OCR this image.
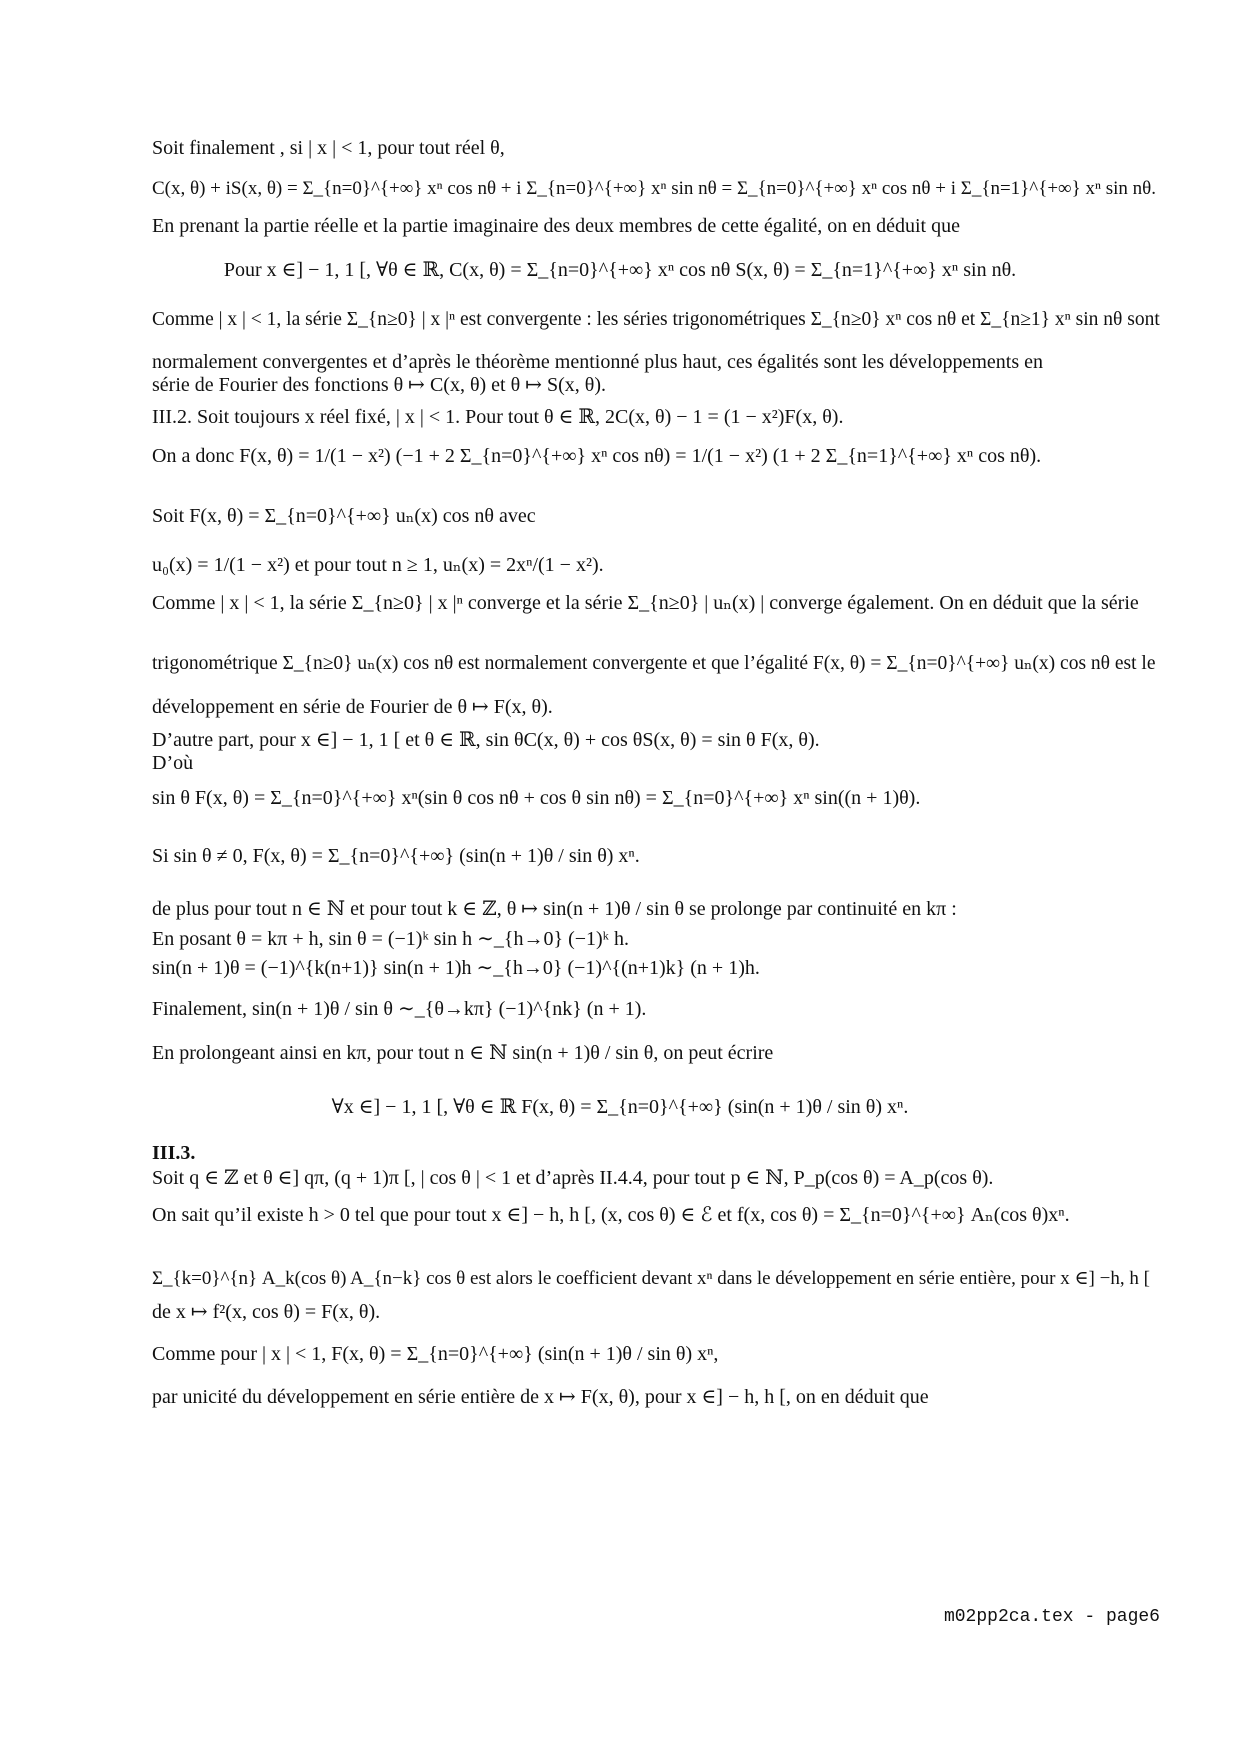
Soit finalement , si | x | < 1, pour tout réel θ,
C(x, θ) + iS(x, θ) = Σ_{n=0}^{+∞} xⁿ cos nθ + i Σ_{n=0}^{+∞} xⁿ sin nθ = Σ_{n=0}^{+∞} xⁿ cos nθ + i Σ_{n=1}^{+∞} xⁿ sin nθ.
En prenant la partie réelle et la partie imaginaire des deux membres de cette égalité, on en déduit que
Pour x ∈] − 1, 1 [, ∀θ ∈ ℝ, C(x, θ) = Σ_{n=0}^{+∞} xⁿ cos nθ S(x, θ) = Σ_{n=1}^{+∞} xⁿ sin nθ.
Comme | x | < 1, la série Σ_{n≥0} | x |ⁿ est convergente : les séries trigonométriques Σ_{n≥0} xⁿ cos nθ et Σ_{n≥1} xⁿ sin nθ sont
normalement convergentes et d’après le théorème mentionné plus haut, ces égalités sont les développements en
série de Fourier des fonctions θ ↦ C(x, θ) et θ ↦ S(x, θ).
III.2. Soit toujours x réel fixé, | x | < 1. Pour tout θ ∈ ℝ, 2C(x, θ) − 1 = (1 − x²)F(x, θ).
On a donc F(x, θ) = 1/(1 − x²) (−1 + 2 Σ_{n=0}^{+∞} xⁿ cos nθ) = 1/(1 − x²) (1 + 2 Σ_{n=1}^{+∞} xⁿ cos nθ).
Soit F(x, θ) = Σ_{n=0}^{+∞} uₙ(x) cos nθ avec
u₀(x) = 1/(1 − x²) et pour tout n ≥ 1, uₙ(x) = 2xⁿ/(1 − x²).
Comme | x | < 1, la série Σ_{n≥0} | x |ⁿ converge et la série Σ_{n≥0} | uₙ(x) | converge également. On en déduit que la série
trigonométrique Σ_{n≥0} uₙ(x) cos nθ est normalement convergente et que l’égalité F(x, θ) = Σ_{n=0}^{+∞} uₙ(x) cos nθ est le
développement en série de Fourier de θ ↦ F(x, θ).
D’autre part, pour x ∈] − 1, 1 [ et θ ∈ ℝ, sin θC(x, θ) + cos θS(x, θ) = sin θ F(x, θ).
D’où
sin θ F(x, θ) = Σ_{n=0}^{+∞} xⁿ(sin θ cos nθ + cos θ sin nθ) = Σ_{n=0}^{+∞} xⁿ sin((n + 1)θ).
Si sin θ ≠ 0, F(x, θ) = Σ_{n=0}^{+∞} (sin(n + 1)θ / sin θ) xⁿ.
de plus pour tout n ∈ ℕ et pour tout k ∈ ℤ, θ ↦ sin(n + 1)θ / sin θ se prolonge par continuité en kπ :
En posant θ = kπ + h, sin θ = (−1)ᵏ sin h ∼_{h→0} (−1)ᵏ h.
sin(n + 1)θ = (−1)^{k(n+1)} sin(n + 1)h ∼_{h→0} (−1)^{(n+1)k} (n + 1)h.
Finalement, sin(n + 1)θ / sin θ ∼_{θ→kπ} (−1)^{nk} (n + 1).
En prolongeant ainsi en kπ, pour tout n ∈ ℕ sin(n + 1)θ / sin θ, on peut écrire
∀x ∈] − 1, 1 [, ∀θ ∈ ℝ F(x, θ) = Σ_{n=0}^{+∞} (sin(n + 1)θ / sin θ) xⁿ.
III.3.
Soit q ∈ ℤ et θ ∈] qπ, (q + 1)π [, | cos θ | < 1 et d’après II.4.4, pour tout p ∈ ℕ, P_p(cos θ) = A_p(cos θ).
On sait qu’il existe h > 0 tel que pour tout x ∈] − h, h [, (x, cos θ) ∈ ℰ et f(x, cos θ) = Σ_{n=0}^{+∞} Aₙ(cos θ)xⁿ.
Σ_{k=0}^{n} A_k(cos θ) A_{n−k} cos θ est alors le coefficient devant xⁿ dans le développement en série entière, pour x ∈] −h, h [
de x ↦ f²(x, cos θ) = F(x, θ).
Comme pour | x | < 1, F(x, θ) = Σ_{n=0}^{+∞} (sin(n + 1)θ / sin θ) xⁿ,
par unicité du développement en série entière de x ↦ F(x, θ), pour x ∈] − h, h [, on en déduit que
m02pp2ca.tex - page6
